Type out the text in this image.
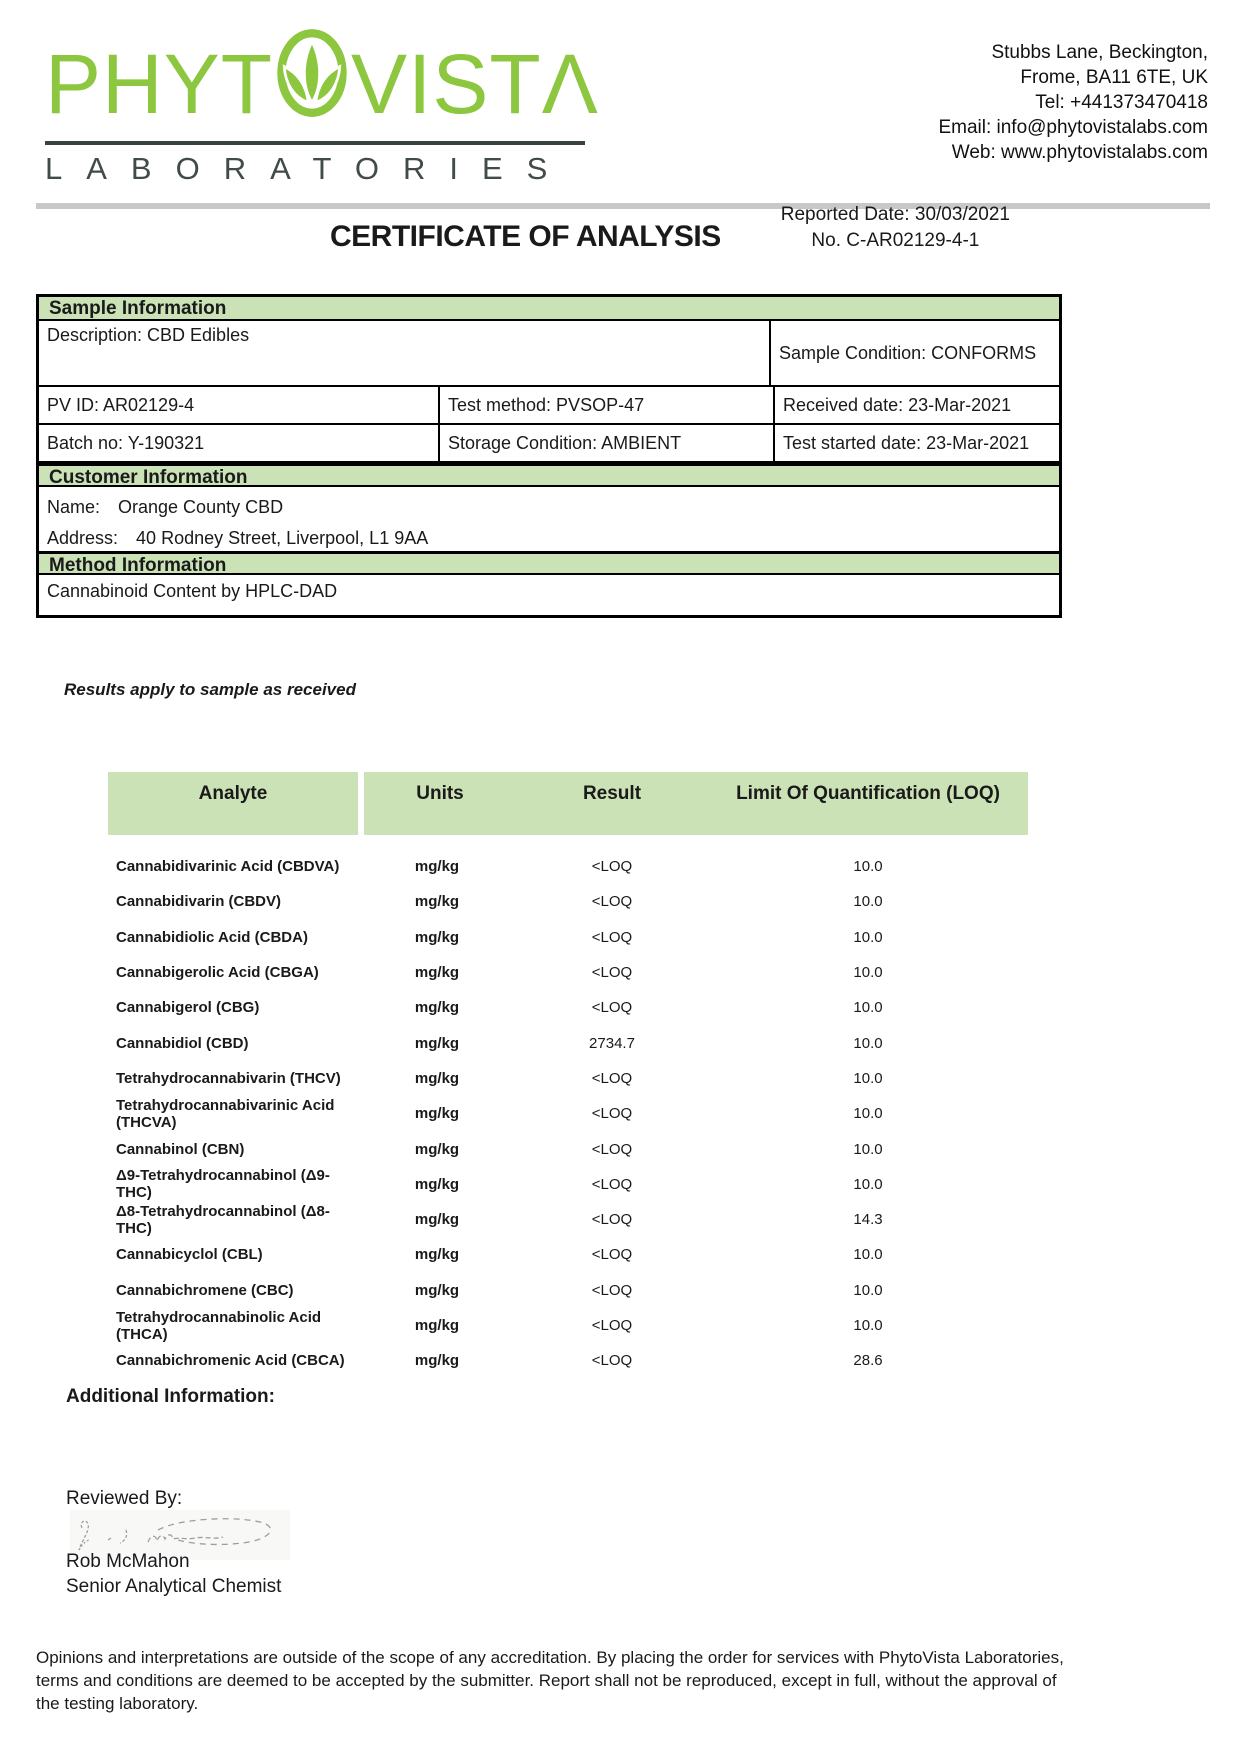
PHYT VISTΛ
LABORATORIES
Stubbs Lane, Beckington,
Frome, BA11 6TE, UK
Tel: +441373470418
Email: info@phytovistalabs.com
Web: www.phytovistalabs.com
Reported Date: 30/03/2021
No. C-AR02129-4-1
CERTIFICATE OF ANALYSIS
Sample Information
Description: CBD Edibles
Sample Condition: CONFORMS
PV ID: AR02129-4	Test method: PVSOP-47	Received date: 23-Mar-2021
Batch no: Y-190321	Storage Condition: AMBIENT	Test started date: 23-Mar-2021
Customer Information
Name: Orange County CBD
Address: 40 Rodney Street, Liverpool, L1 9AA
Method Information
Cannabinoid Content by HPLC-DAD
Results apply to sample as received
Analyte	Units	Result	Limit Of Quantification (LOQ)
Cannabidivarinic Acid (CBDVA)	mg/kg	<LOQ	10.0
Cannabidivarin (CBDV)	mg/kg	<LOQ	10.0
Cannabidiolic Acid (CBDA)	mg/kg	<LOQ	10.0
Cannabigerolic Acid (CBGA)	mg/kg	<LOQ	10.0
Cannabigerol (CBG)	mg/kg	<LOQ	10.0
Cannabidiol (CBD)	mg/kg	2734.7	10.0
Tetrahydrocannabivarin (THCV)	mg/kg	<LOQ	10.0
Tetrahydrocannabivarinic Acid (THCVA)	mg/kg	<LOQ	10.0
Cannabinol (CBN)	mg/kg	<LOQ	10.0
Δ9-Tetrahydrocannabinol (Δ9-THC)	mg/kg	<LOQ	10.0
Δ8-Tetrahydrocannabinol (Δ8-THC)	mg/kg	<LOQ	14.3
Cannabicyclol (CBL)	mg/kg	<LOQ	10.0
Cannabichromene (CBC)	mg/kg	<LOQ	10.0
Tetrahydrocannabinolic Acid (THCA)	mg/kg	<LOQ	10.0
Cannabichromenic Acid (CBCA)	mg/kg	<LOQ	28.6
Additional Information:
Reviewed By:
Rob McMahon
Senior Analytical Chemist
Opinions and interpretations are outside of the scope of any accreditation. By placing the order for services with PhytoVista Laboratories,
terms and conditions are deemed to be accepted by the submitter. Report shall not be reproduced, except in full, without the approval of
the testing laboratory.
